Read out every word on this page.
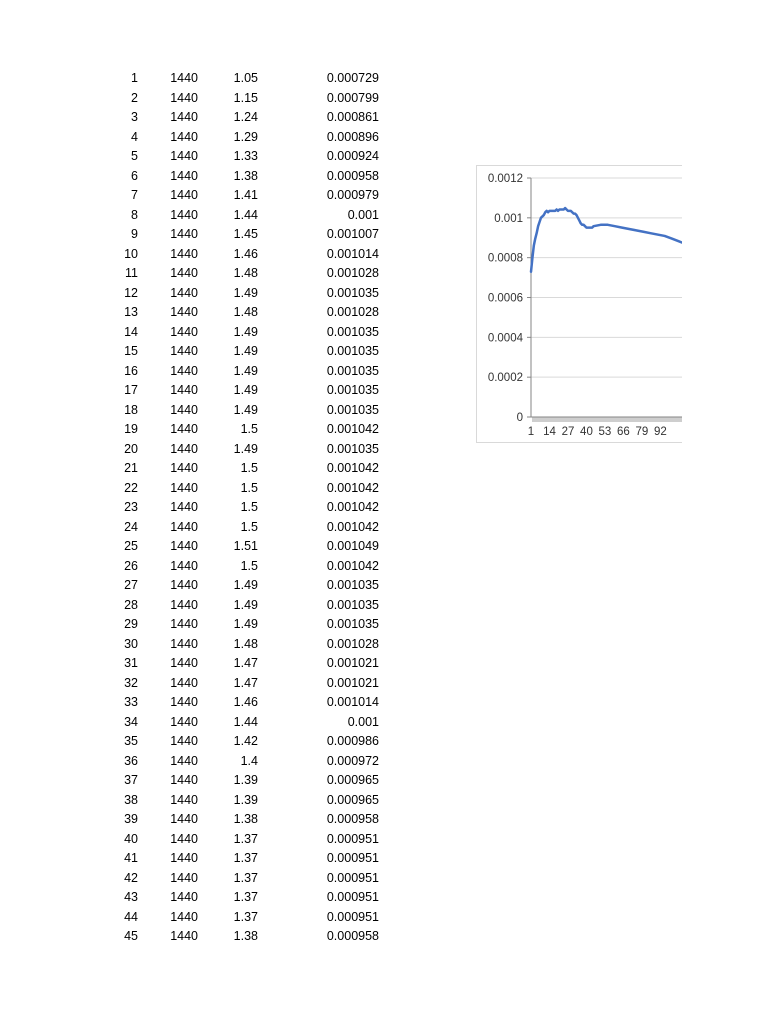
1	1440	1.05	0.000729
2	1440	1.15	0.000799
3	1440	1.24	0.000861
4	1440	1.29	0.000896
5	1440	1.33	0.000924
6	1440	1.38	0.000958
7	1440	1.41	0.000979
8	1440	1.44	0.001
9	1440	1.45	0.001007
10	1440	1.46	0.001014
11	1440	1.48	0.001028
12	1440	1.49	0.001035
13	1440	1.48	0.001028
14	1440	1.49	0.001035
15	1440	1.49	0.001035
16	1440	1.49	0.001035
17	1440	1.49	0.001035
18	1440	1.49	0.001035
19	1440	1.5	0.001042
20	1440	1.49	0.001035
21	1440	1.5	0.001042
22	1440	1.5	0.001042
23	1440	1.5	0.001042
24	1440	1.5	0.001042
25	1440	1.51	0.001049
26	1440	1.5	0.001042
27	1440	1.49	0.001035
28	1440	1.49	0.001035
29	1440	1.49	0.001035
30	1440	1.48	0.001028
31	1440	1.47	0.001021
32	1440	1.47	0.001021
33	1440	1.46	0.001014
34	1440	1.44	0.001
35	1440	1.42	0.000986
36	1440	1.4	0.000972
37	1440	1.39	0.000965
38	1440	1.39	0.000965
39	1440	1.38	0.000958
40	1440	1.37	0.000951
41	1440	1.37	0.000951
42	1440	1.37	0.000951
43	1440	1.37	0.000951
44	1440	1.37	0.000951
45	1440	1.38	0.000958
0
0.0002
0.0004
0.0006
0.0008
0.001
0.0012
1 14 27 40 53 66 79 92
